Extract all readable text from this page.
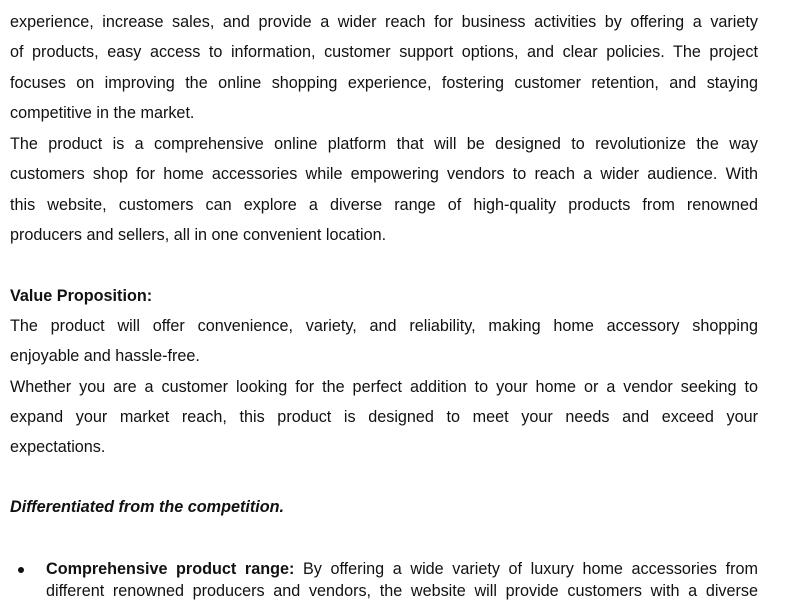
experience, increase sales, and provide a wider reach for business activities by offering a variety
of products, easy access to information, customer support options, and clear policies. The project
focuses on improving the online shopping experience, fostering customer retention, and staying
competitive in the market.
The product is a comprehensive online platform that will be designed to revolutionize the way
customers shop for home accessories while empowering vendors to reach a wider audience. With
this website, customers can explore a diverse range of high-quality products from renowned
producers and sellers, all in one convenient location.
Value Proposition:
The product will offer convenience, variety, and reliability, making home accessory shopping
enjoyable and hassle-free.
Whether you are a customer looking for the perfect addition to your home or a vendor seeking to
expand your market reach, this product is designed to meet your needs and exceed your
expectations.
Differentiated from the competition.
Comprehensive product range: By offering a wide variety of luxury home accessories from
different renowned producers and vendors, the website will provide customers with a diverse
